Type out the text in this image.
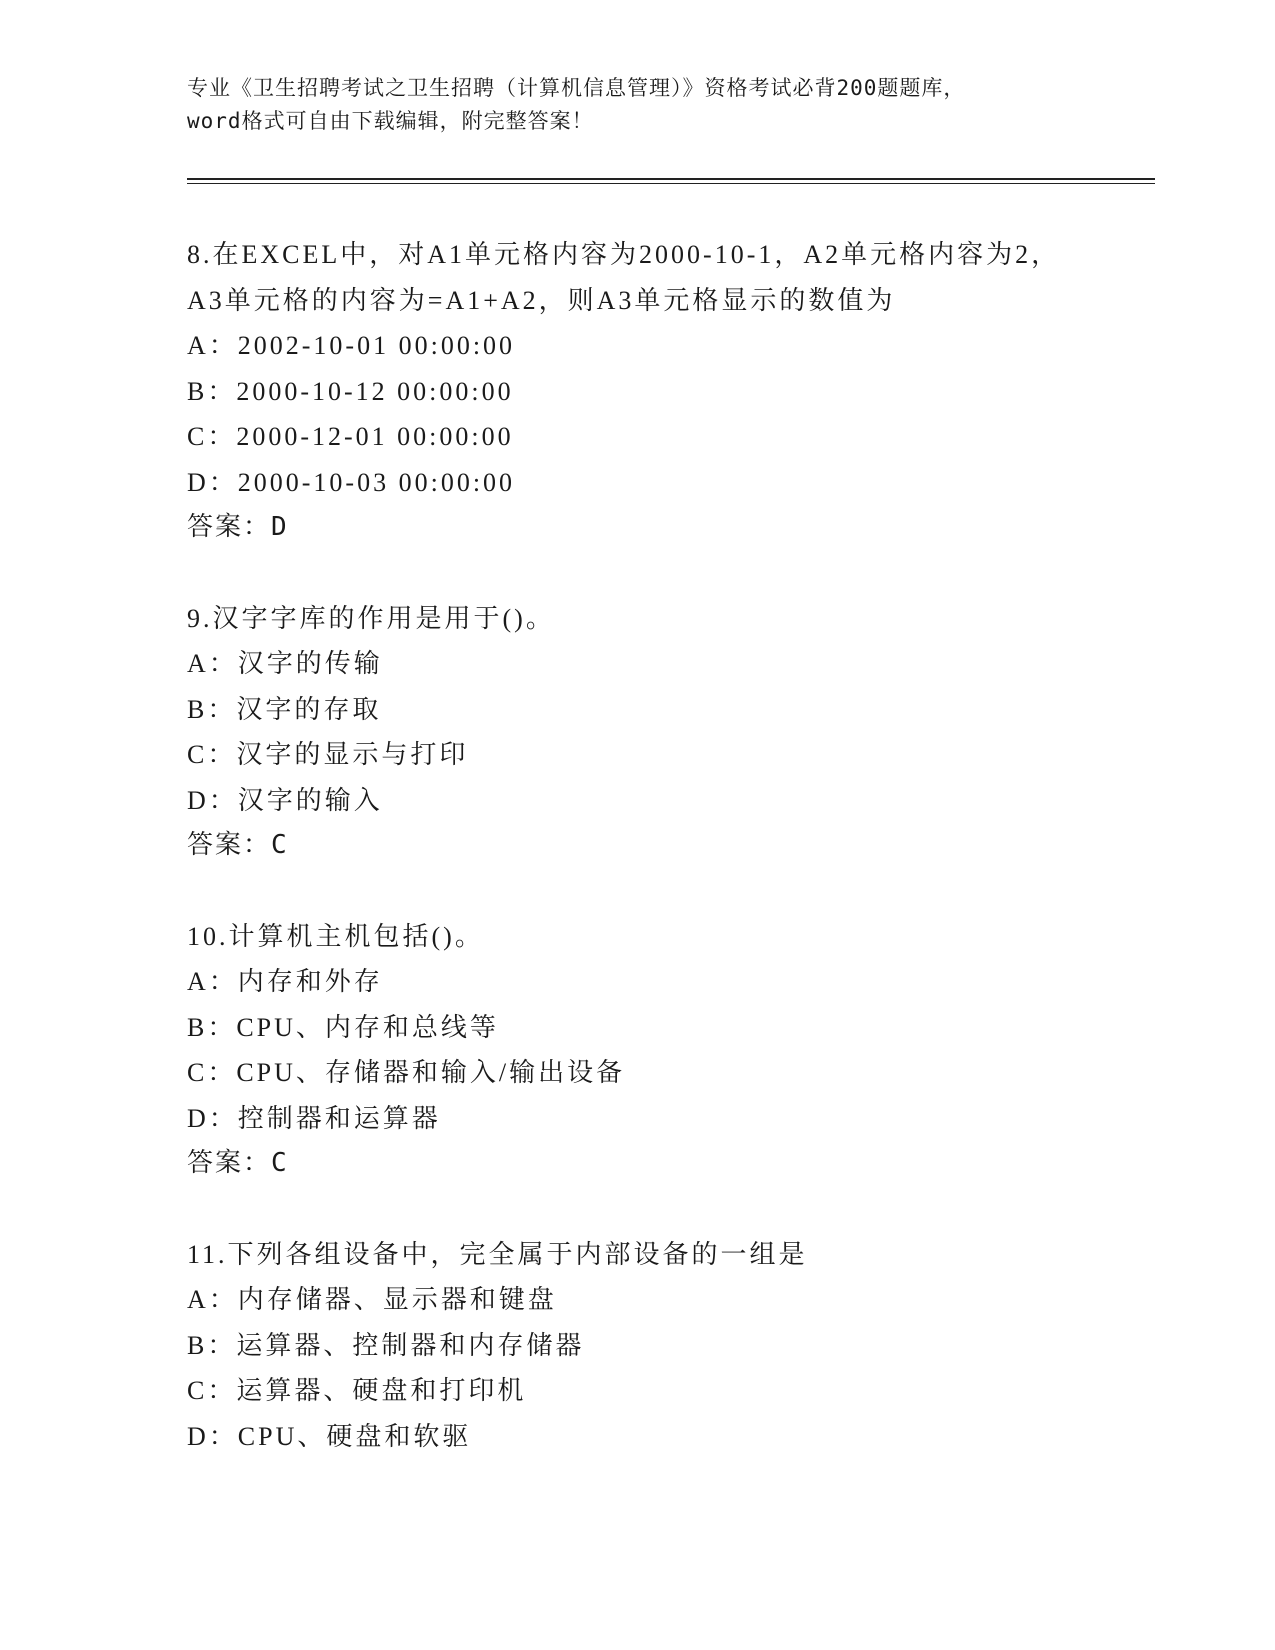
专业《卫生招聘考试之卫生招聘（计算机信息管理）》资格考试必背200题题库，
word格式可自由下载编辑，附完整答案！
8.在EXCEL中，对A1单元格内容为2000-10-1，A2单元格内容为2，
A3单元格的内容为=A1+A2，则A3单元格显示的数值为
A：2002-10-01 00:00:00
B：2000-10-12 00:00:00
C：2000-12-01 00:00:00
D：2000-10-03 00:00:00
答案：D
9.汉字字库的作用是用于()。
A：汉字的传输
B：汉字的存取
C：汉字的显示与打印
D：汉字的输入
答案：C
10.计算机主机包括()。
A：内存和外存
B：CPU、内存和总线等
C：CPU、存储器和输入/输出设备
D：控制器和运算器
答案：C
11.下列各组设备中，完全属于内部设备的一组是
A：内存储器、显示器和键盘
B：运算器、控制器和内存储器
C：运算器、硬盘和打印机
D：CPU、硬盘和软驱
